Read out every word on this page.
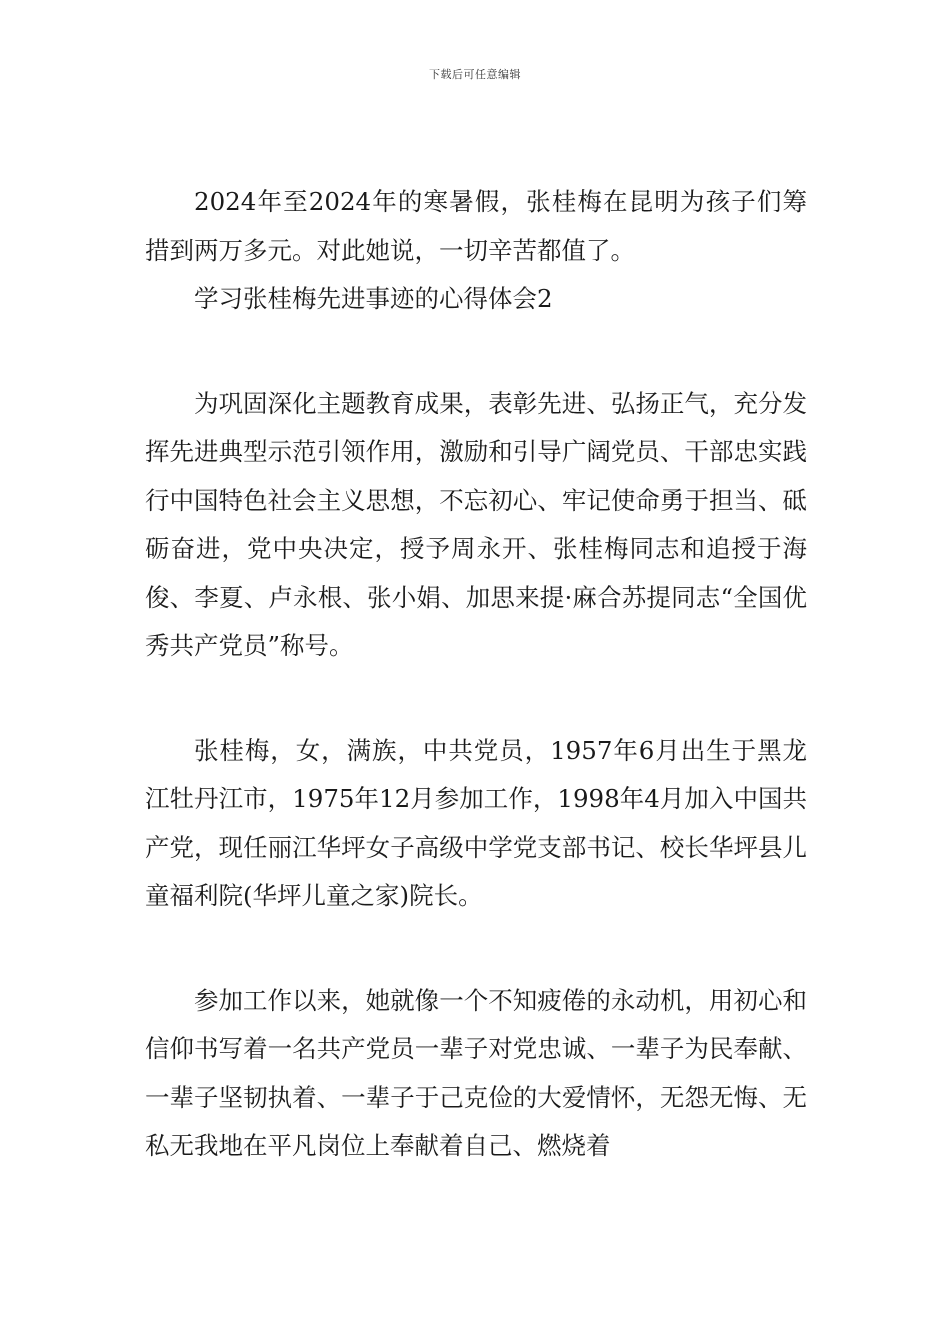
下载后可任意编辑

2024年至2024年的寒暑假，张桂梅在昆明为孩子们筹措到两万多元。对此她说，一切辛苦都值了。

学习张桂梅先进事迹的心得体会2

为巩固深化主题教育成果，表彰先进、弘扬正气，充分发挥先进典型示范引领作用，激励和引导广阔党员、干部忠实践行中国特色社会主义思想，不忘初心、牢记使命勇于担当、砥砺奋进，党中央决定，授予周永开、张桂梅同志和追授于海俊、李夏、卢永根、张小娟、加思来提·麻合苏提同志“全国优秀共产党员”称号。

张桂梅，女，满族，中共党员，1957年6月出生于黑龙江牡丹江市，1975年12月参加工作，1998年4月加入中国共产党，现任丽江华坪女子高级中学党支部书记、校长华坪县儿童福利院(华坪儿童之家)院长。

参加工作以来，她就像一个不知疲倦的永动机，用初心和信仰书写着一名共产党员一辈子对党忠诚、一辈子为民奉献、一辈子坚韧执着、一辈子于己克俭的大爱情怀，无怨无悔、无私无我地在平凡岗位上奉献着自己、燃烧着
